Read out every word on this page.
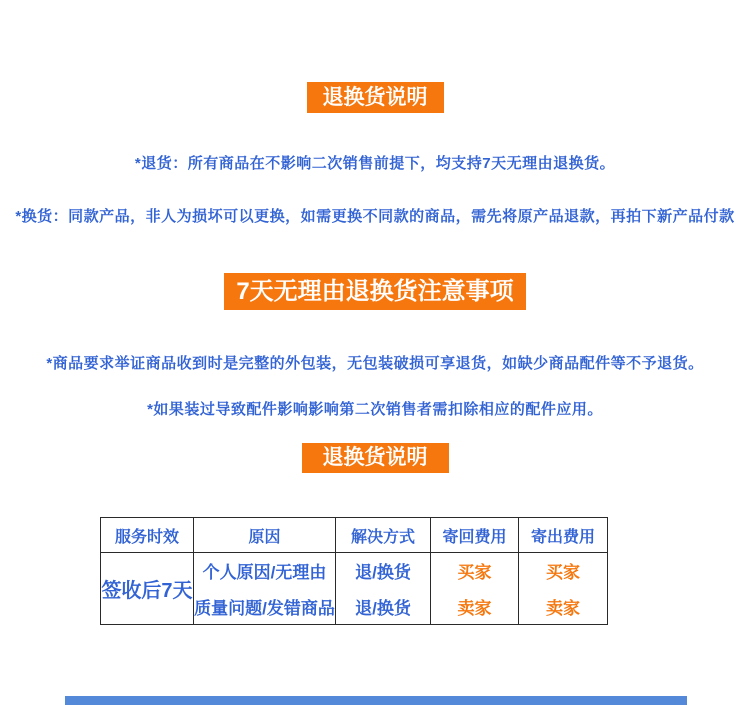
退换货说明
*退货：所有商品在不影响二次销售前提下，均支持7天无理由退换货。
*换货：同款产品，非人为损坏可以更换，如需更换不同款的商品，需先将原产品退款，再拍下新产品付款
7天无理由退换货注意事项
*商品要求举证商品收到时是完整的外包装，无包装破损可享退货，如缺少商品配件等不予退货。
*如果装过导致配件影响影响第二次销售者需扣除相应的配件应用。
退换货说明
服务时效	原因	解决方式	寄回费用	寄出费用
签收后7天	个人原因/无理由	退/换货	买家	买家
	质量问题/发错商品	退/换货	卖家	卖家
